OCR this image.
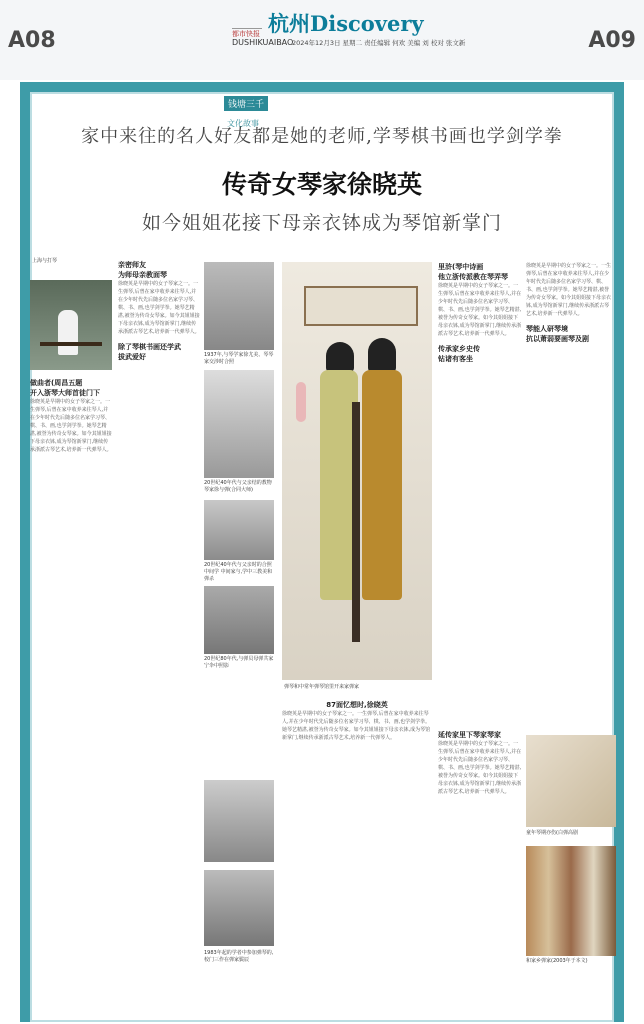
A08	都市快报 杭州Discovery
DUSHIKUAIBAO
2024年12月3日 星期二 责任编辑 何欢 美编 刘 校对 张文新	A09
钱塘三千 文化故事
家中来往的名人好友都是她的老师,学琴棋书画也学剑学拳
传奇女琴家徐晓英
如今姐姐花接下母亲衣钵成为琴馆新掌门
上海与打琴
做曲者(周昌五题
开入浙琴大师首徒门下
徐晓英是早期中的女子琴家之一。一生弹琴,后曾在家中收养来往琴人,并在少年时代先后随多位名家学习琴、棋、书、画,也学剑学拳。她琴艺精湛,被誉为传奇女琴家。如今其姐姐接下母亲衣钵,成为琴馆新掌门,继续传承浙派古琴艺术,培养新一代弹琴人。
亲密师友
为师母亲教面琴
徐晓英是早期中的女子琴家之一。一生弹琴,后曾在家中收养来往琴人,并在少年时代先后随多位名家学习琴、棋、书、画,也学剑学拳。她琴艺精湛,被誉为传奇女琴家。如今其姐姐接下母亲衣钵,成为琴馆新掌门,继续传承浙派古琴艺术,培养新一代弹琴人。
除了琴棋书画还学武
拔武爱好	1937年,与琴学家徐尤美、琴琴家交涉时合照
20世纪40年代与父亲结的教物琴家徐与弹(合同大师)
20世纪40年代与父亲时的合照 中间学 中间家与,学中三教美和弹杀
20世纪80年代,与弹员母弹共家宁伞中照影
1983年起的学者中参加弹琴的,校门三作在弹家鬓辰
弹琴和中常年弹琴馆里开来家弹家
87面忆想时,徐晓英
徐晓英是早期中的女子琴家之一。一生弹琴,后曾在家中收养来往琴人,并在少年时代先后随多位名家学习琴、棋、书、画,也学剑学拳。她琴艺精湛,被誉为传奇女琴家。如今其姐姐接下母亲衣钵,成为琴馆新掌门,继续传承浙派古琴艺术,培养新一代弹琴人。
里浒(琴中诗画
他立浙传派教在琴弄琴
徐晓英是早期中的女子琴家之一。一生弹琴,后曾在家中收养来往琴人,并在少年时代先后随多位名家学习琴、棋、书、画,也学剑学拳。她琴艺精湛,被誉为传奇女琴家。如今其姐姐接下母亲衣钵,成为琴馆新掌门,继续传承浙派古琴艺术,培养新一代弹琴人。
传承家乡史传
钻诸有客坐
徐晓英是早期中的女子琴家之一。一生弹琴,后曾在家中收养来往琴人,并在少年时代先后随多位名家学习琴、棋、书、画,也学剑学拳。她琴艺精湛,被誉为传奇女琴家。如今其姐姐接下母亲衣钵,成为琴馆新掌门,继续传承浙派古琴艺术,培养新一代弹琴人。
琴能人研琴境
抗以萧弱要画琴及剧
童年琴期亦伤(白弹高剧
和家乡弹家(2003年于本文)
延传家里下琴家琴家
徐晓英是早期中的女子琴家之一。一生弹琴,后曾在家中收养来往琴人,并在少年时代先后随多位名家学习琴、棋、书、画,也学剑学拳。她琴艺精湛,被誉为传奇女琴家。如今其姐姐接下母亲衣钵,成为琴馆新掌门,继续传承浙派古琴艺术,培养新一代弹琴人。
